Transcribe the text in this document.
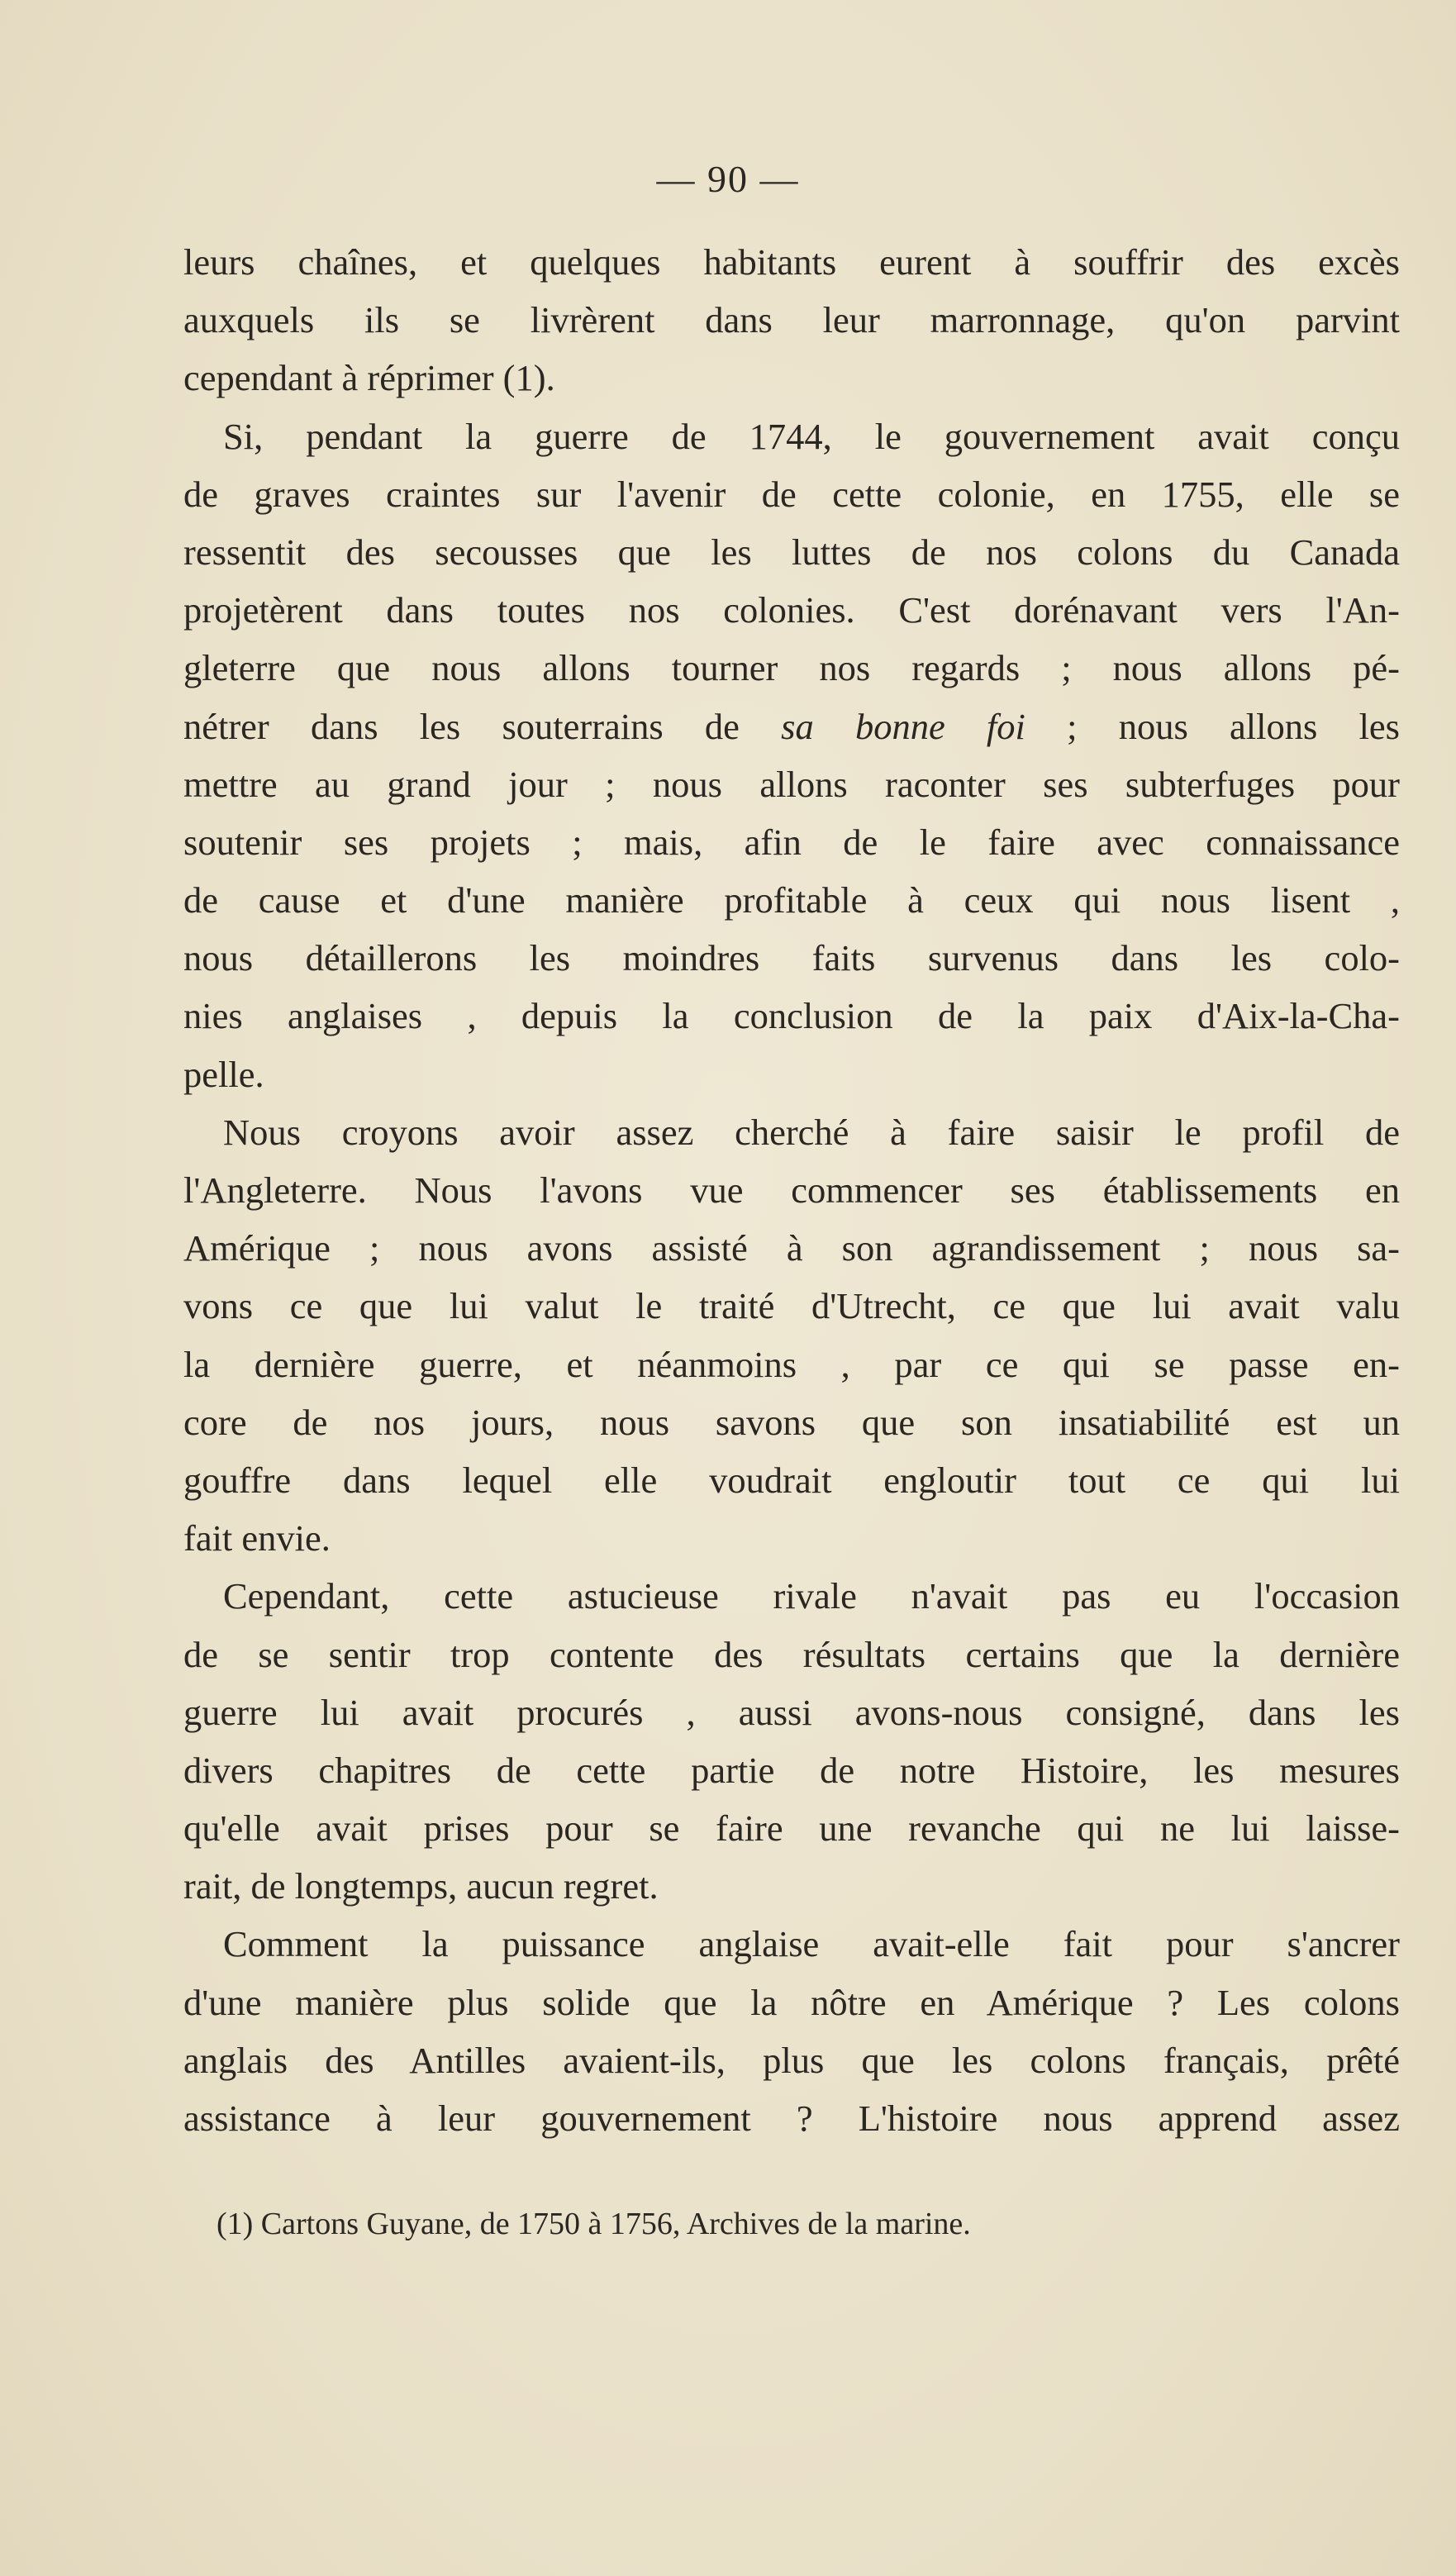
— 90 —
leurs chaînes, et quelques habitants eurent à souffrir des excès
auxquels ils se livrèrent dans leur marronnage, qu'on parvint
cependant à réprimer (1).
Si, pendant la guerre de 1744, le gouvernement avait conçu
de graves craintes sur l'avenir de cette colonie, en 1755, elle se
ressentit des secousses que les luttes de nos colons du Canada
projetèrent dans toutes nos colonies. C'est dorénavant vers l'An-
gleterre que nous allons tourner nos regards ; nous allons pé-
nétrer dans les souterrains de sa bonne foi ; nous allons les
mettre au grand jour ; nous allons raconter ses subterfuges pour
soutenir ses projets ; mais, afin de le faire avec connaissance
de cause et d'une manière profitable à ceux qui nous lisent ,
nous détaillerons les moindres faits survenus dans les colo-
nies anglaises , depuis la conclusion de la paix d'Aix-la-Cha-
pelle.
Nous croyons avoir assez cherché à faire saisir le profil de
l'Angleterre. Nous l'avons vue commencer ses établissements en
Amérique ; nous avons assisté à son agrandissement ; nous sa-
vons ce que lui valut le traité d'Utrecht, ce que lui avait valu
la dernière guerre, et néanmoins , par ce qui se passe en-
core de nos jours, nous savons que son insatiabilité est un
gouffre dans lequel elle voudrait engloutir tout ce qui lui
fait envie.
Cependant, cette astucieuse rivale n'avait pas eu l'occasion
de se sentir trop contente des résultats certains que la dernière
guerre lui avait procurés , aussi avons-nous consigné, dans les
divers chapitres de cette partie de notre Histoire, les mesures
qu'elle avait prises pour se faire une revanche qui ne lui laisse-
rait, de longtemps, aucun regret.
Comment la puissance anglaise avait-elle fait pour s'ancrer
d'une manière plus solide que la nôtre en Amérique ? Les colons
anglais des Antilles avaient-ils, plus que les colons français, prêté
assistance à leur gouvernement ? L'histoire nous apprend assez
(1) Cartons Guyane, de 1750 à 1756, Archives de la marine.
